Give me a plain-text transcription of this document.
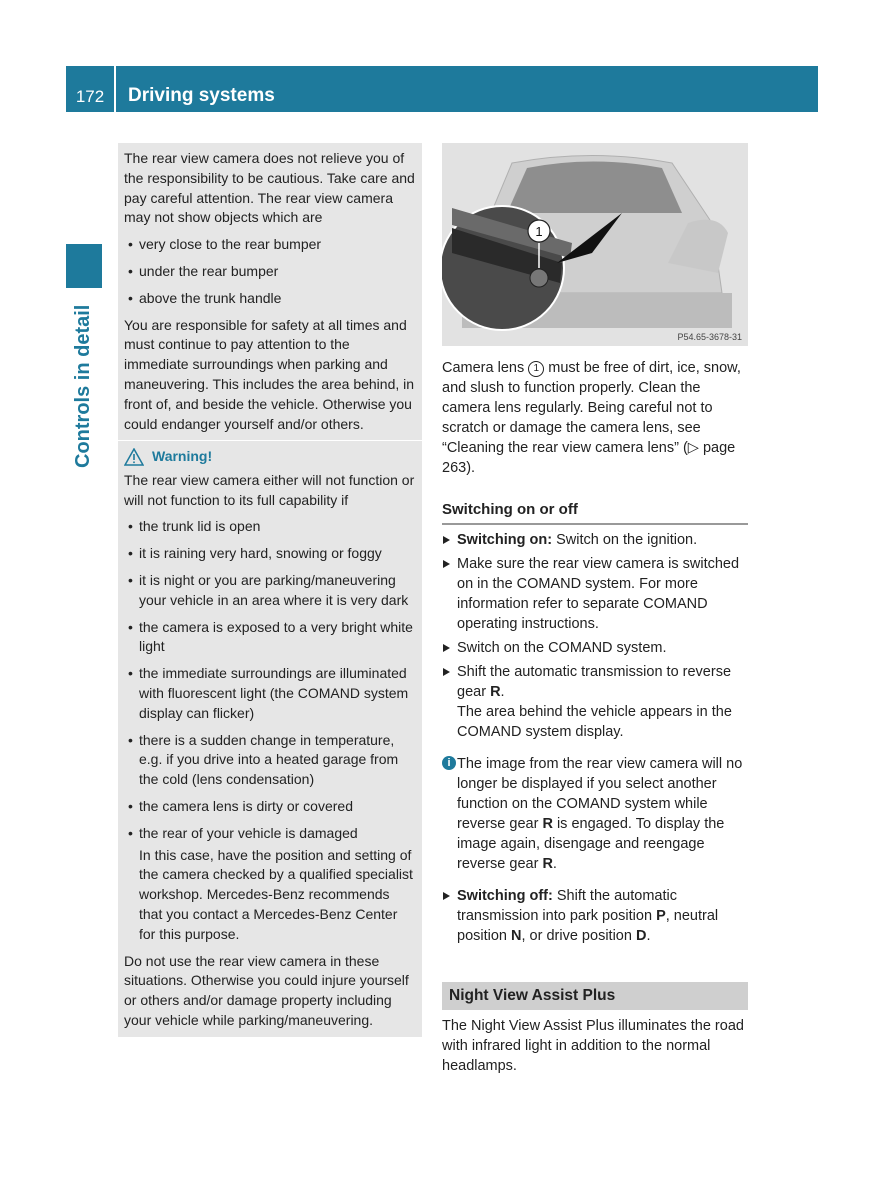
172	Driving systems
Controls in detail

The rear view camera does not relieve you of the responsibility to be cautious. Take care and pay careful attention. The rear view camera may not show objects which are

• very close to the rear bumper
• under the rear bumper
• above the trunk handle

You are responsible for safety at all times and must continue to pay attention to the immediate surroundings when parking and maneuvering. This includes the area behind, in front of, and beside the vehicle. Otherwise you could endanger yourself and/or others.

Warning!

The rear view camera either will not function or will not function to its full capability if

• the trunk lid is open
• it is raining very hard, snowing or foggy
• it is night or you are parking/maneuvering your vehicle in an area where it is very dark
• the camera is exposed to a very bright white light
• the immediate surroundings are illuminated with fluorescent light (the COMAND system display can flicker)
• there is a sudden change in temperature, e.g. if you drive into a heated garage from the cold (lens condensation)
• the camera lens is dirty or covered
• the rear of your vehicle is damaged
In this case, have the position and setting of the camera checked by a qualified specialist workshop. Mercedes-Benz recommends that you contact a Mercedes-Benz Center for this purpose.

Do not use the rear view camera in these situations. Otherwise you could injure yourself or others and/or damage property including your vehicle while parking/maneuvering.

1
P54.65-3678-31
Camera lens 1 must be free of dirt, ice, snow, and slush to function properly. Clean the camera lens regularly. Being careful not to scratch or damage the camera lens, see “Cleaning the rear view camera lens” (▷ page 263).
Switching on or off
Switching on: Switch on the ignition.
Make sure the rear view camera is switched on in the COMAND system. For more information refer to separate COMAND operating instructions.
Switch on the COMAND system.
Shift the automatic transmission to reverse gear R.
The area behind the vehicle appears in the COMAND system display.
i The image from the rear view camera will no longer be displayed if you select another function on the COMAND system while reverse gear R is engaged. To display the image again, disengage and reengage reverse gear R.
Switching off: Shift the automatic transmission into park position P, neutral position N, or drive position D.
Night View Assist Plus
The Night View Assist Plus illuminates the road with infrared light in addition to the normal headlamps.
